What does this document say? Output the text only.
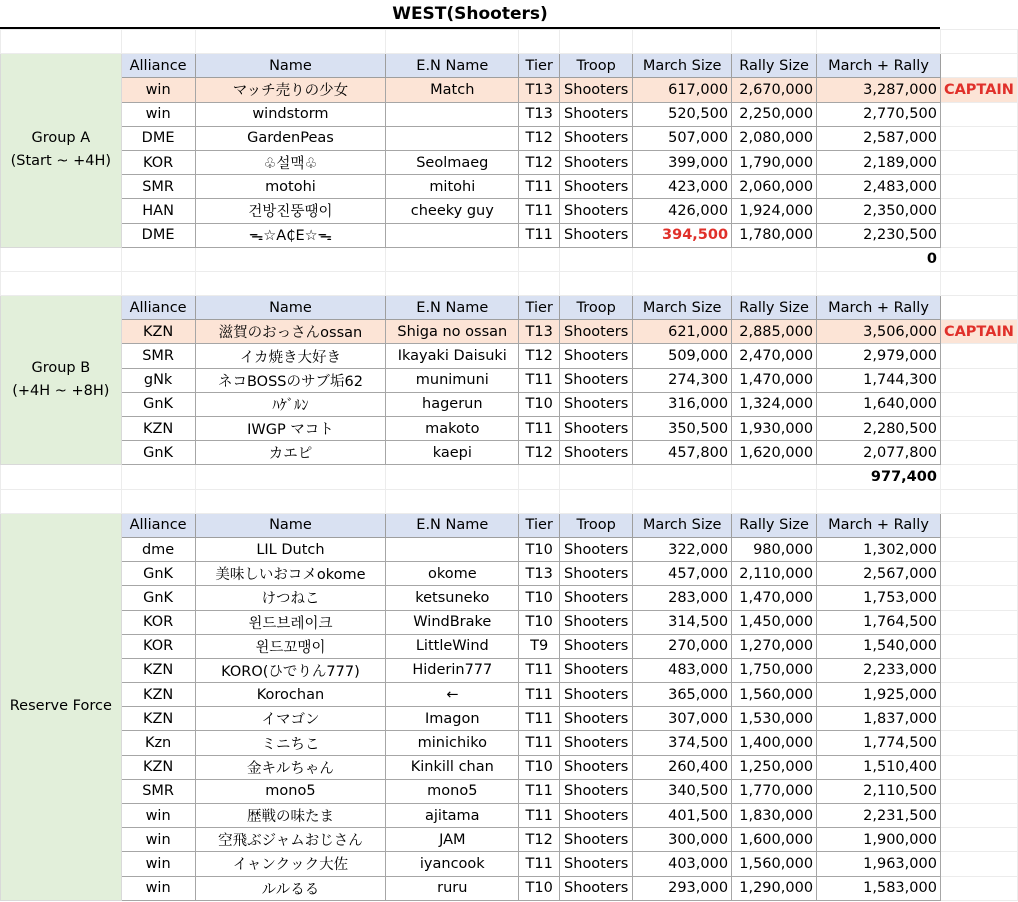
WEST(Shooters)

Group A
(Start ~ +4H)	Alliance	Name	E.N Name	Tier	Troop	March Size	Rally Size	March + Rally	
	win	マッチ売りの少女	Match	T13	Shooters	617,000	2,670,000	3,287,000	CAPTAIN
	win	windstorm		T13	Shooters	520,500	2,250,000	2,770,500	
	DME	GardenPeas		T12	Shooters	507,000	2,080,000	2,587,000	
	KOR	♧설맥♧	Seolmaeg	T12	Shooters	399,000	1,790,000	2,189,000	
	SMR	motohi	mitohi	T11	Shooters	423,000	2,060,000	2,483,000	
	HAN	건방진뚱땡이	cheeky guy	T11	Shooters	426,000	1,924,000	2,350,000	
	DME	ᯓ☆A₵E☆ᯓ		T11	Shooters	394,500	1,780,000	2,230,500	
								0	

Group B
(+4H ~ +8H)	Alliance	Name	E.N Name	Tier	Troop	March Size	Rally Size	March + Rally	
	KZN	滋賀のおっさんossan	Shiga no ossan	T13	Shooters	621,000	2,885,000	3,506,000	CAPTAIN
	SMR	イカ焼き大好き	Ikayaki Daisuki	T12	Shooters	509,000	2,470,000	2,979,000	
	gNk	ネコBOSSのサブ垢62	munimuni	T11	Shooters	274,300	1,470,000	1,744,300	
	GnK	ﾊｹﾞﾙﾝ	hagerun	T10	Shooters	316,000	1,324,000	1,640,000	
	KZN	IWGP マコト	makoto	T11	Shooters	350,500	1,930,000	2,280,500	
	GnK	カエピ	kaepi	T12	Shooters	457,800	1,620,000	2,077,800	
								977,400	

Reserve Force	Alliance	Name	E.N Name	Tier	Troop	March Size	Rally Size	March + Rally	
	dme	LIL Dutch		T10	Shooters	322,000	980,000	1,302,000	
	GnK	美味しいおコメokome	okome	T13	Shooters	457,000	2,110,000	2,567,000	
	GnK	けつねこ	ketsuneko	T10	Shooters	283,000	1,470,000	1,753,000	
	KOR	윈드브레이크	WindBrake	T10	Shooters	314,500	1,450,000	1,764,500	
	KOR	윈드꼬맹이	LittleWind	T9	Shooters	270,000	1,270,000	1,540,000	
	KZN	KORO(ひでりん777)	Hiderin777	T11	Shooters	483,000	1,750,000	2,233,000	
	KZN	Korochan	←	T11	Shooters	365,000	1,560,000	1,925,000	
	KZN	イマゴン	Imagon	T11	Shooters	307,000	1,530,000	1,837,000	
	Kzn	ミニちこ	minichiko	T11	Shooters	374,500	1,400,000	1,774,500	
	KZN	金キルちゃん	Kinkill chan	T10	Shooters	260,400	1,250,000	1,510,400	
	SMR	mono5	mono5	T11	Shooters	340,500	1,770,000	2,110,500	
	win	歴戦の味たま	ajitama	T11	Shooters	401,500	1,830,000	2,231,500	
	win	空飛ぶジャムおじさん	JAM	T12	Shooters	300,000	1,600,000	1,900,000	
	win	イャンクック大佐	iyancook	T11	Shooters	403,000	1,560,000	1,963,000	
	win	ルルるる	ruru	T10	Shooters	293,000	1,290,000	1,583,000	
